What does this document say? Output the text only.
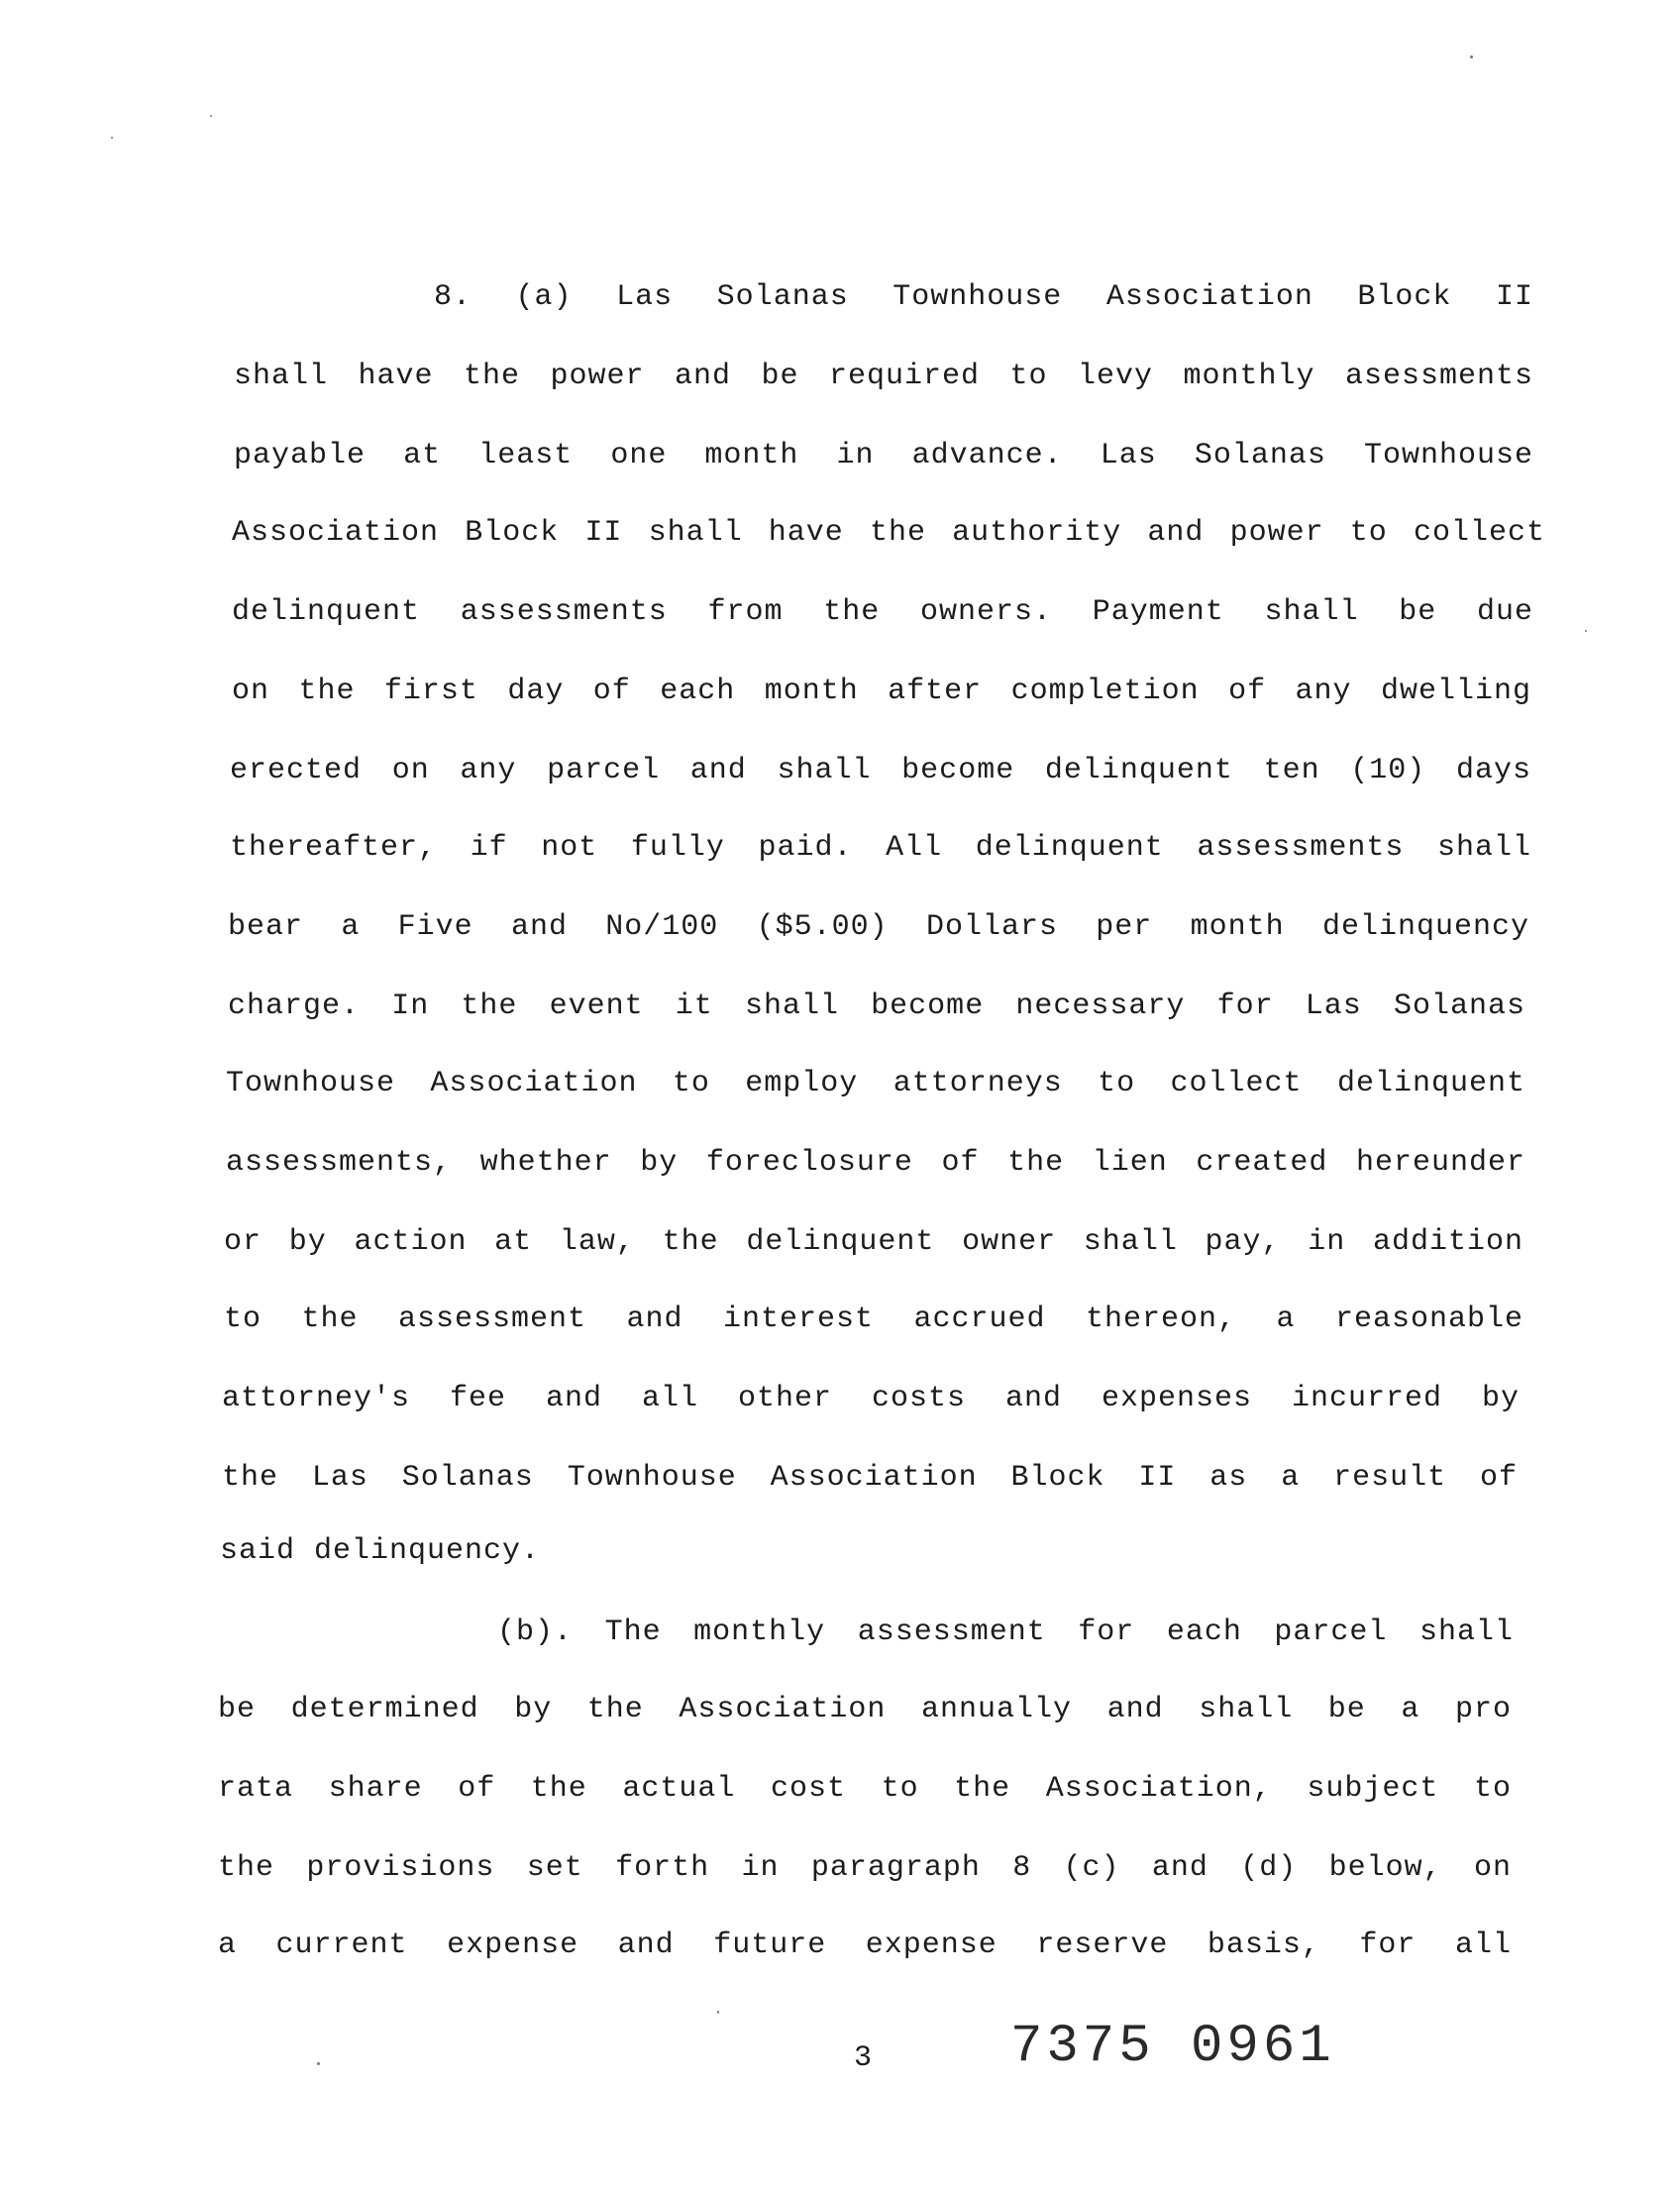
8. (a) Las Solanas Townhouse Association Block II
shall have the power and be required to levy monthly asessments
payable at least one month in advance. Las Solanas Townhouse
Association Block II shall have the authority and power to collect
delinquent assessments from the owners. Payment shall be due
on the first day of each month after completion of any dwelling
erected on any parcel and shall become delinquent ten (10) days
thereafter, if not fully paid. All delinquent assessments shall
bear a Five and No/100 ($5.00) Dollars per month delinquency
charge. In the event it shall become necessary for Las Solanas
Townhouse Association to employ attorneys to collect delinquent
assessments, whether by foreclosure of the lien created hereunder
or by action at law, the delinquent owner shall pay, in addition
to the assessment and interest accrued thereon, a reasonable
attorney's fee and all other costs and expenses incurred by
the Las Solanas Townhouse Association Block II as a result of
said delinquency.
(b). The monthly assessment for each parcel shall
be determined by the Association annually and shall be a pro
rata share of the actual cost to the Association, subject to
the provisions set forth in paragraph 8 (c) and (d) below, on
a current expense and future expense reserve basis, for all
3	7375 0961
